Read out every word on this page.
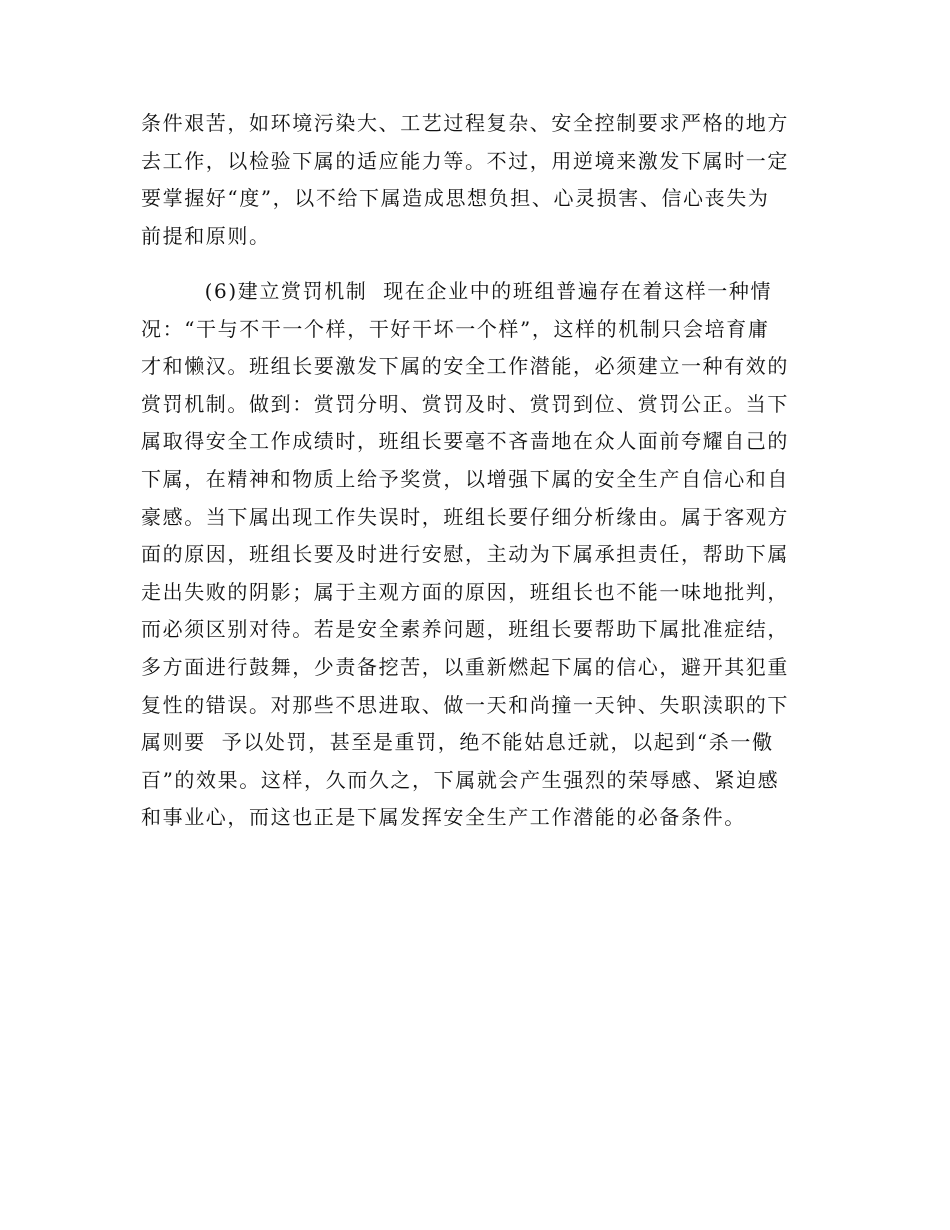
条件艰苦，如环境污染大、工艺过程复杂、安全控制要求严格的地方
去工作，以检验下属的适应能力等。不过，用逆境来激发下属时一定
要掌握好“度”，以不给下属造成思想负担、心灵损害、信心丧失为
前提和原则。
(6)建立赏罚机制  现在企业中的班组普遍存在着这样一种情
况：“干与不干一个样，干好干坏一个样”，这样的机制只会培育庸
才和懒汉。班组长要激发下属的安全工作潜能，必须建立一种有效的
赏罚机制。做到：赏罚分明、赏罚及时、赏罚到位、赏罚公正。当下
属取得安全工作成绩时，班组长要毫不吝啬地在众人面前夸耀自己的
下属，在精神和物质上给予奖赏，以增强下属的安全生产自信心和自
豪感。当下属出现工作失误时，班组长要仔细分析缘由。属于客观方
面的原因，班组长要及时进行安慰，主动为下属承担责任，帮助下属
走出失败的阴影；属于主观方面的原因，班组长也不能一味地批判，
而必须区别对待。若是安全素养问题，班组长要帮助下属批准症结，
多方面进行鼓舞，少责备挖苦，以重新燃起下属的信心，避开其犯重
复性的错误。对那些不思进取、做一天和尚撞一天钟、失职渎职的下
属则要  予以处罚，甚至是重罚，绝不能姑息迁就，以起到“杀一儆
百”的效果。这样，久而久之，下属就会产生强烈的荣辱感、紧迫感
和事业心，而这也正是下属发挥安全生产工作潜能的必备条件。
